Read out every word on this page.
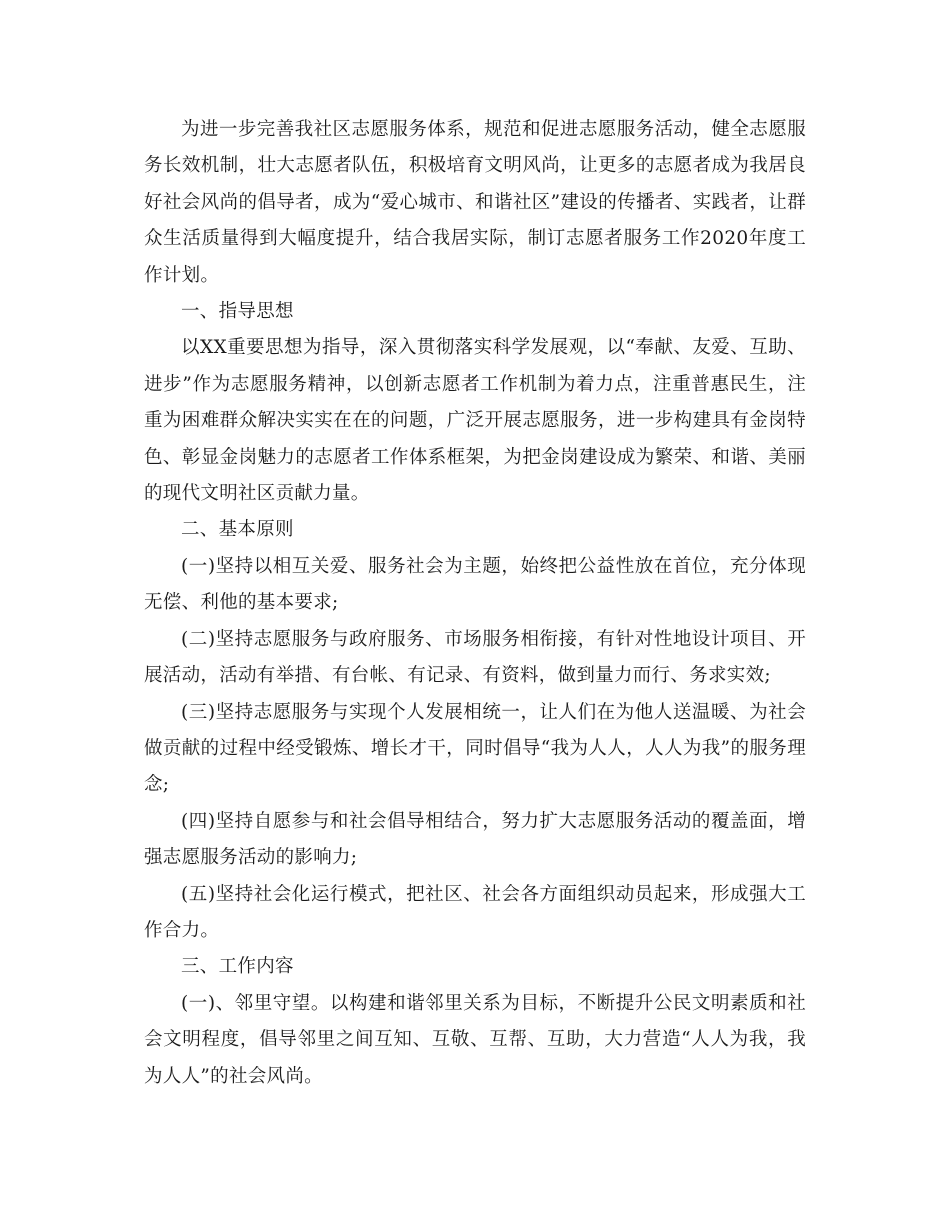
为进一步完善我社区志愿服务体系，规范和促进志愿服务活动，健全志愿服务长效机制，壮大志愿者队伍，积极培育文明风尚，让更多的志愿者成为我居良好社会风尚的倡导者，成为“爱心城市、和谐社区”建设的传播者、实践者，让群众生活质量得到大幅度提升，结合我居实际，制订志愿者服务工作2020年度工作计划。

一、指导思想

以XX重要思想为指导，深入贯彻落实科学发展观，以“奉献、友爱、互助、进步”作为志愿服务精神，以创新志愿者工作机制为着力点，注重普惠民生，注重为困难群众解决实实在在的问题，广泛开展志愿服务，进一步构建具有金岗特色、彰显金岗魅力的志愿者工作体系框架，为把金岗建设成为繁荣、和谐、美丽的现代文明社区贡献力量。

二、基本原则

(一)坚持以相互关爱、服务社会为主题，始终把公益性放在首位，充分体现无偿、利他的基本要求;

(二)坚持志愿服务与政府服务、市场服务相衔接，有针对性地设计项目、开展活动，活动有举措、有台帐、有记录、有资料，做到量力而行、务求实效;

(三)坚持志愿服务与实现个人发展相统一，让人们在为他人送温暖、为社会做贡献的过程中经受锻炼、增长才干，同时倡导“我为人人，人人为我”的服务理念;

(四)坚持自愿参与和社会倡导相结合，努力扩大志愿服务活动的覆盖面，增强志愿服务活动的影响力;

(五)坚持社会化运行模式，把社区、社会各方面组织动员起来，形成强大工作合力。

三、工作内容

(一)、邻里守望。以构建和谐邻里关系为目标，不断提升公民文明素质和社会文明程度，倡导邻里之间互知、互敬、互帮、互助，大力营造“人人为我，我为人人”的社会风尚。
